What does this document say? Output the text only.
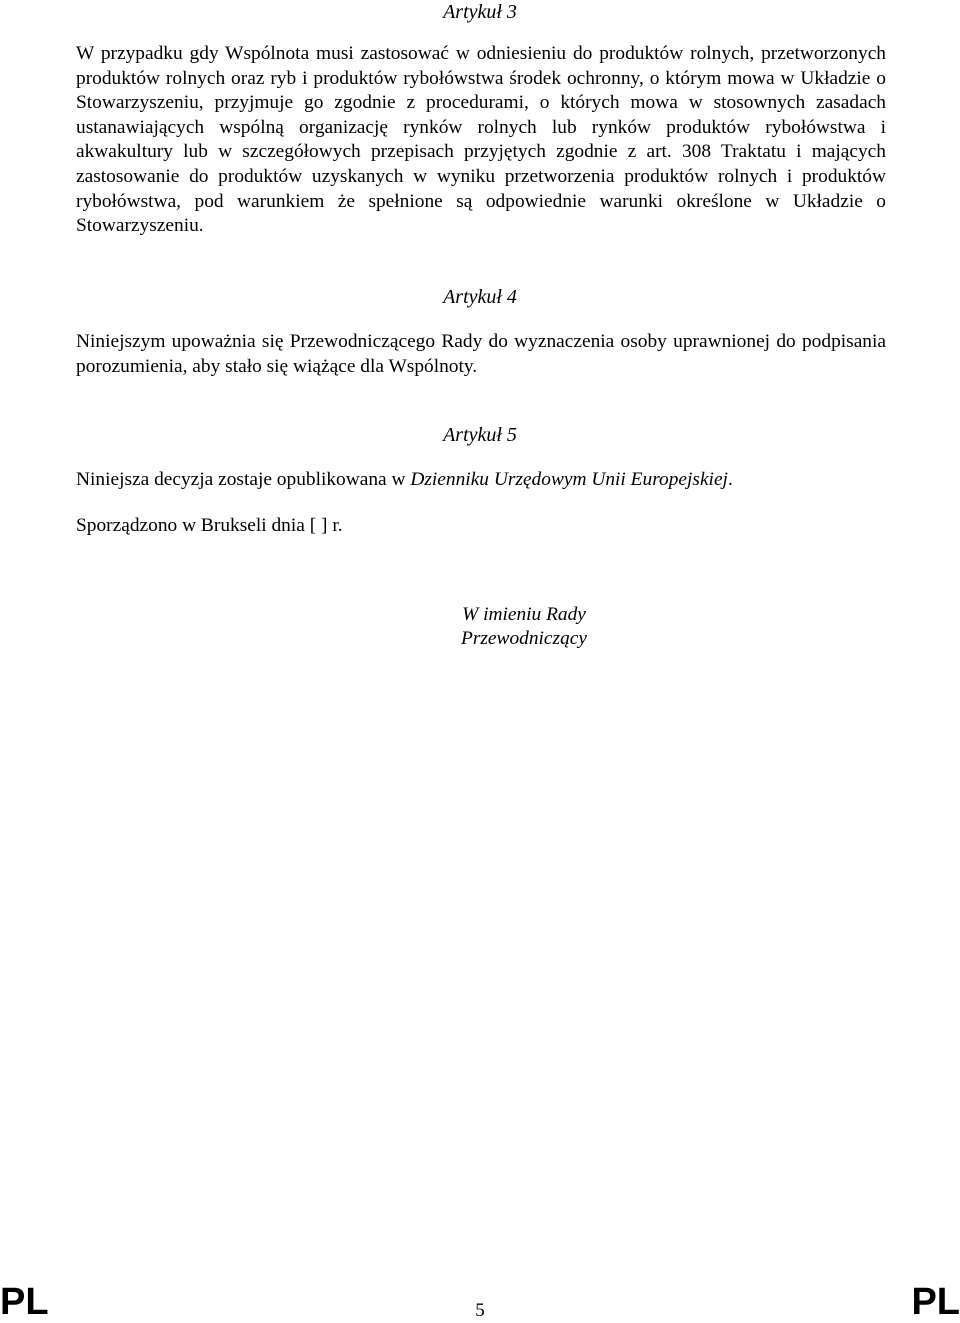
Artykuł 3
W przypadku gdy Wspólnota musi zastosować w odniesieniu do produktów rolnych, przetworzonych produktów rolnych oraz ryb i produktów rybołówstwa środek ochronny, o którym mowa w Układzie o Stowarzyszeniu, przyjmuje go zgodnie z procedurami, o których mowa w stosownych zasadach ustanawiających wspólną organizację rynków rolnych lub rynków produktów rybołówstwa i akwakultury lub w szczegółowych przepisach przyjętych zgodnie z art. 308 Traktatu i mających zastosowanie do produktów uzyskanych w wyniku przetworzenia produktów rolnych i produktów rybołówstwa, pod warunkiem że spełnione są odpowiednie warunki określone w Układzie o Stowarzyszeniu.
Artykuł 4
Niniejszym upoważnia się Przewodniczącego Rady do wyznaczenia osoby uprawnionej do podpisania porozumienia, aby stało się wiążące dla Wspólnoty.
Artykuł 5
Niniejsza decyzja zostaje opublikowana w Dzienniku Urzędowym Unii Europejskiej.
Sporządzono w Brukseli dnia [ ] r.
W imieniu Rady
Przewodniczący
PL	5	PL
